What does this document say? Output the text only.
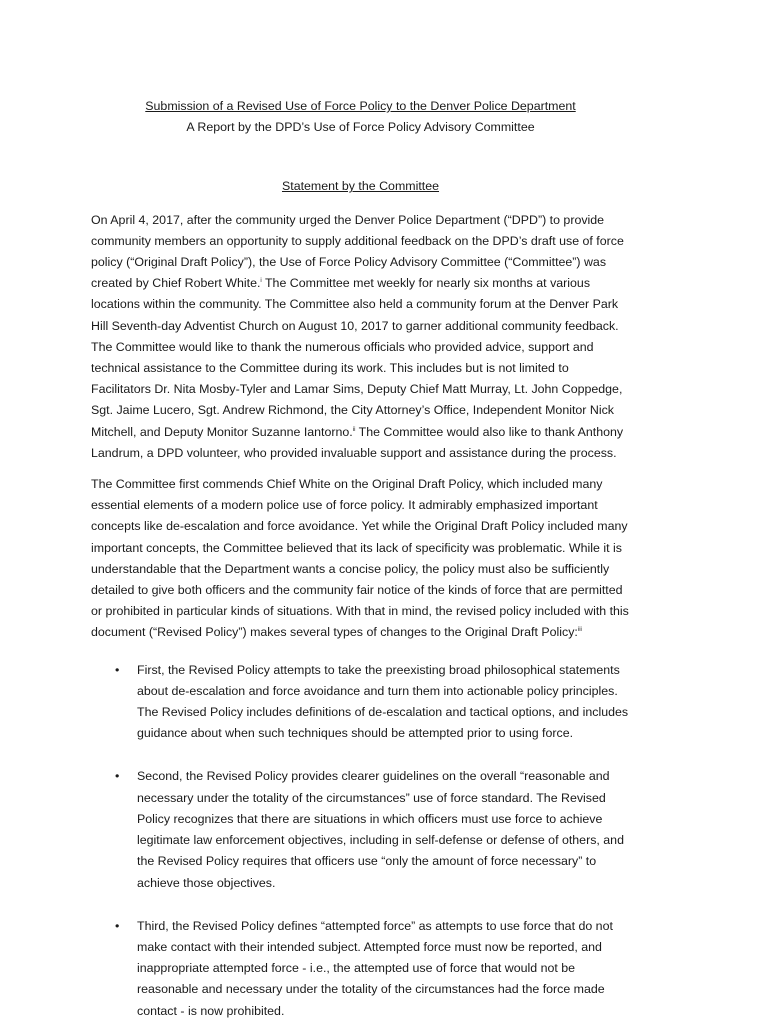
Submission of a Revised Use of Force Policy to the Denver Police Department
A Report by the DPD’s Use of Force Policy Advisory Committee
Statement by the Committee

On April 4, 2017, after the community urged the Denver Police Department (“DPD”) to provide community members an opportunity to supply additional feedback on the DPD’s draft use of force policy (“Original Draft Policy”), the Use of Force Policy Advisory Committee (“Committee”) was created by Chief Robert White.$^i$ The Committee met weekly for nearly six months at various locations within the community. The Committee also held a community forum at the Denver Park Hill Seventh-day Adventist Church on August 10, 2017 to garner additional community feedback. The Committee would like to thank the numerous officials who provided advice, support and technical assistance to the Committee during its work. This includes but is not limited to Facilitators Dr. Nita Mosby-Tyler and Lamar Sims, Deputy Chief Matt Murray, Lt. John Coppedge, Sgt. Jaime Lucero, Sgt. Andrew Richmond, the City Attorney’s Office, Independent Monitor Nick Mitchell, and Deputy Monitor Suzanne Iantorno.$^{ii}$ The Committee would also like to thank Anthony Landrum, a DPD volunteer, who provided invaluable support and assistance during the process.

The Committee first commends Chief White on the Original Draft Policy, which included many essential elements of a modern police use of force policy. It admirably emphasized important concepts like de-escalation and force avoidance. Yet while the Original Draft Policy included many important concepts, the Committee believed that its lack of specificity was problematic. While it is understandable that the Department wants a concise policy, the policy must also be sufficiently detailed to give both officers and the community fair notice of the kinds of force that are permitted or prohibited in particular kinds of situations. With that in mind, the revised policy included with this document (“Revised Policy”) makes several types of changes to the Original Draft Policy:$^{iii}$

• First, the Revised Policy attempts to take the preexisting broad philosophical statements about de-escalation and force avoidance and turn them into actionable policy principles. The Revised Policy includes definitions of de-escalation and tactical options, and includes guidance about when such techniques should be attempted prior to using force.
• Second, the Revised Policy provides clearer guidelines on the overall “reasonable and necessary under the totality of the circumstances” use of force standard. The Revised Policy recognizes that there are situations in which officers must use force to achieve legitimate law enforcement objectives, including in self-defense or defense of others, and the Revised Policy requires that officers use “only the amount of force necessary” to achieve those objectives.
• Third, the Revised Policy defines “attempted force” as attempts to use force that do not make contact with their intended subject. Attempted force must now be reported, and inappropriate attempted force - i.e., the attempted use of force that would not be reasonable and necessary under the totality of the circumstances had the force made contact - is now prohibited.
